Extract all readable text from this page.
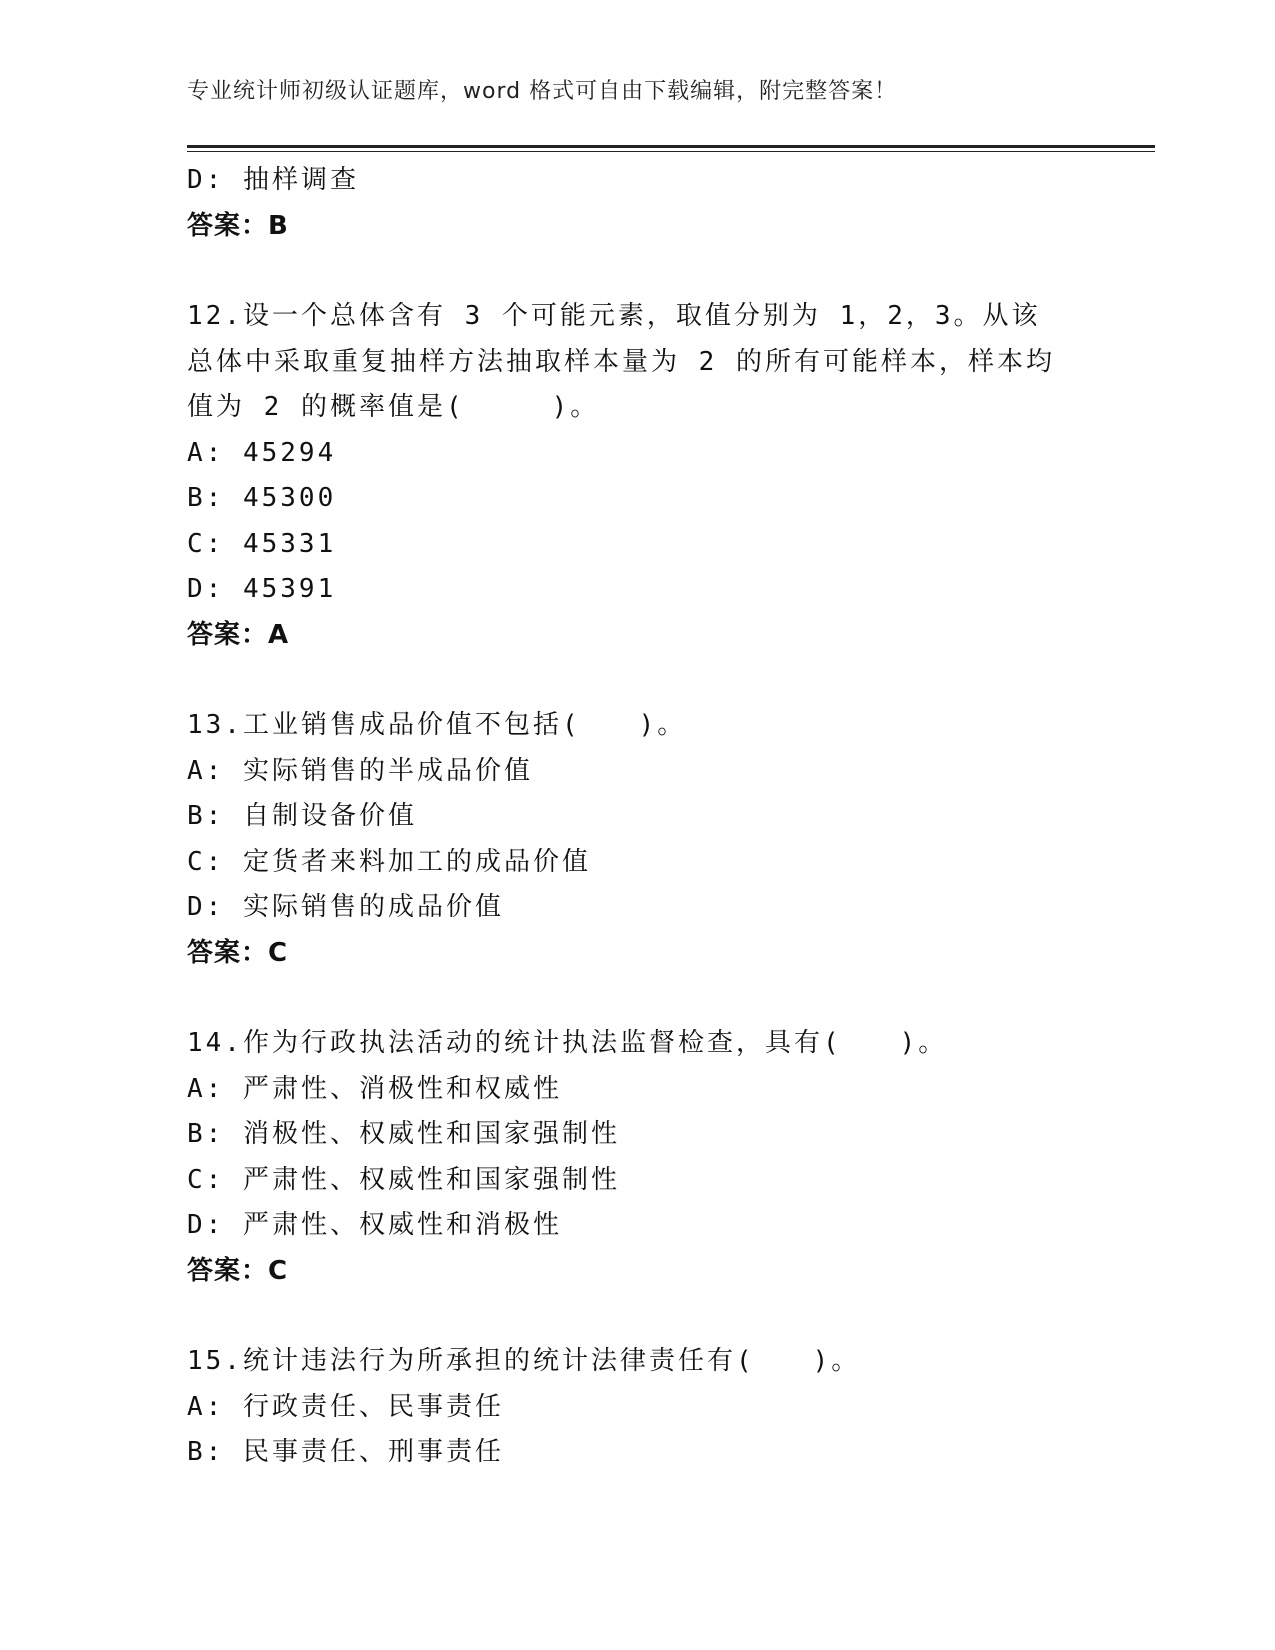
专业统计师初级认证题库，word 格式可自由下载编辑，附完整答案！
D: 抽样调查
答案：B
12.设一个总体含有 3 个可能元素，取值分别为 1，2，3。从该总体中采取重复抽样方法抽取样本量为 2 的所有可能样本，样本均值为 2 的概率值是(　　　)。
A: 45294
B: 45300
C: 45331
D: 45391
答案：A
13.工业销售成品价值不包括(　　)。
A: 实际销售的半成品价值
B: 自制设备价值
C: 定货者来料加工的成品价值
D: 实际销售的成品价值
答案：C
14.作为行政执法活动的统计执法监督检查，具有(　　)。
A: 严肃性、消极性和权威性
B: 消极性、权威性和国家强制性
C: 严肃性、权威性和国家强制性
D: 严肃性、权威性和消极性
答案：C
15.统计违法行为所承担的统计法律责任有(　　)。
A: 行政责任、民事责任
B: 民事责任、刑事责任
